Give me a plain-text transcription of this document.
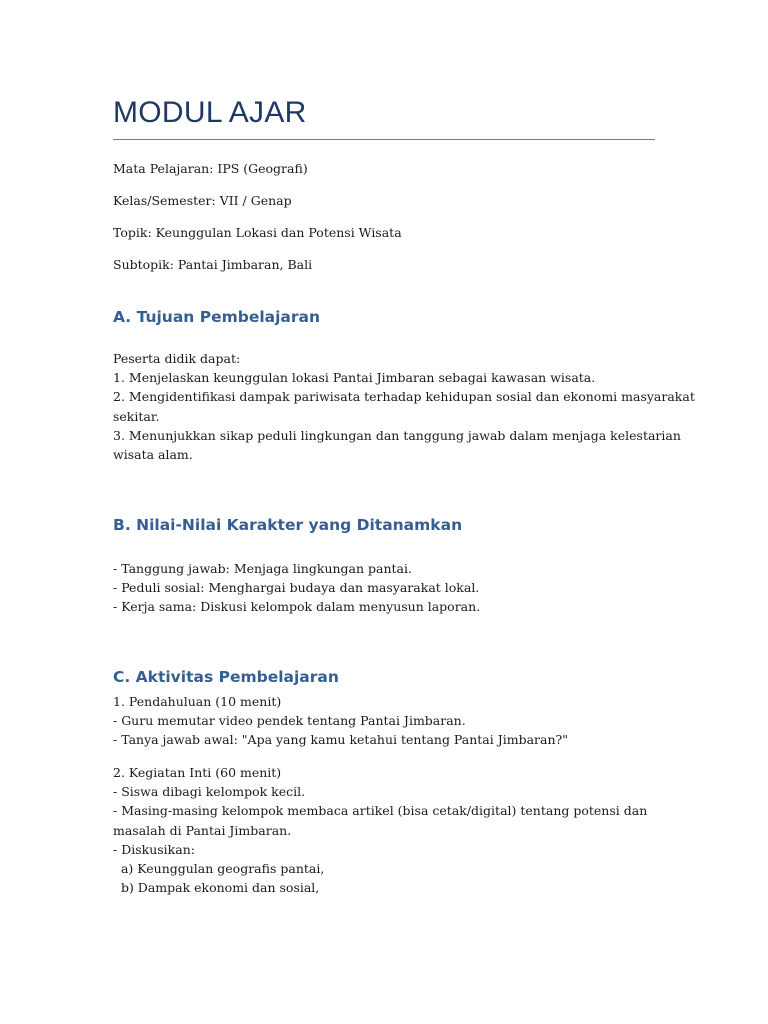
MODUL AJAR

Mata Pelajaran: IPS (Geografi)

Kelas/Semester: VII / Genap

Topik: Keunggulan Lokasi dan Potensi Wisata

Subtopik: Pantai Jimbaran, Bali

A. Tujuan Pembelajaran
Peserta didik dapat:
1. Menjelaskan keunggulan lokasi Pantai Jimbaran sebagai kawasan wisata.
2. Mengidentifikasi dampak pariwisata terhadap kehidupan sosial dan ekonomi masyarakat
sekitar.
3. Menunjukkan sikap peduli lingkungan dan tanggung jawab dalam menjaga kelestarian
wisata alam.
B. Nilai-Nilai Karakter yang Ditanamkan
- Tanggung jawab: Menjaga lingkungan pantai.
- Peduli sosial: Menghargai budaya dan masyarakat lokal.
- Kerja sama: Diskusi kelompok dalam menyusun laporan.
C. Aktivitas Pembelajaran
1. Pendahuluan (10 menit)
- Guru memutar video pendek tentang Pantai Jimbaran.
- Tanya jawab awal: "Apa yang kamu ketahui tentang Pantai Jimbaran?"
2. Kegiatan Inti (60 menit)
- Siswa dibagi kelompok kecil.
- Masing-masing kelompok membaca artikel (bisa cetak/digital) tentang potensi dan
masalah di Pantai Jimbaran.
- Diskusikan:
a) Keunggulan geografis pantai,
b) Dampak ekonomi dan sosial,
